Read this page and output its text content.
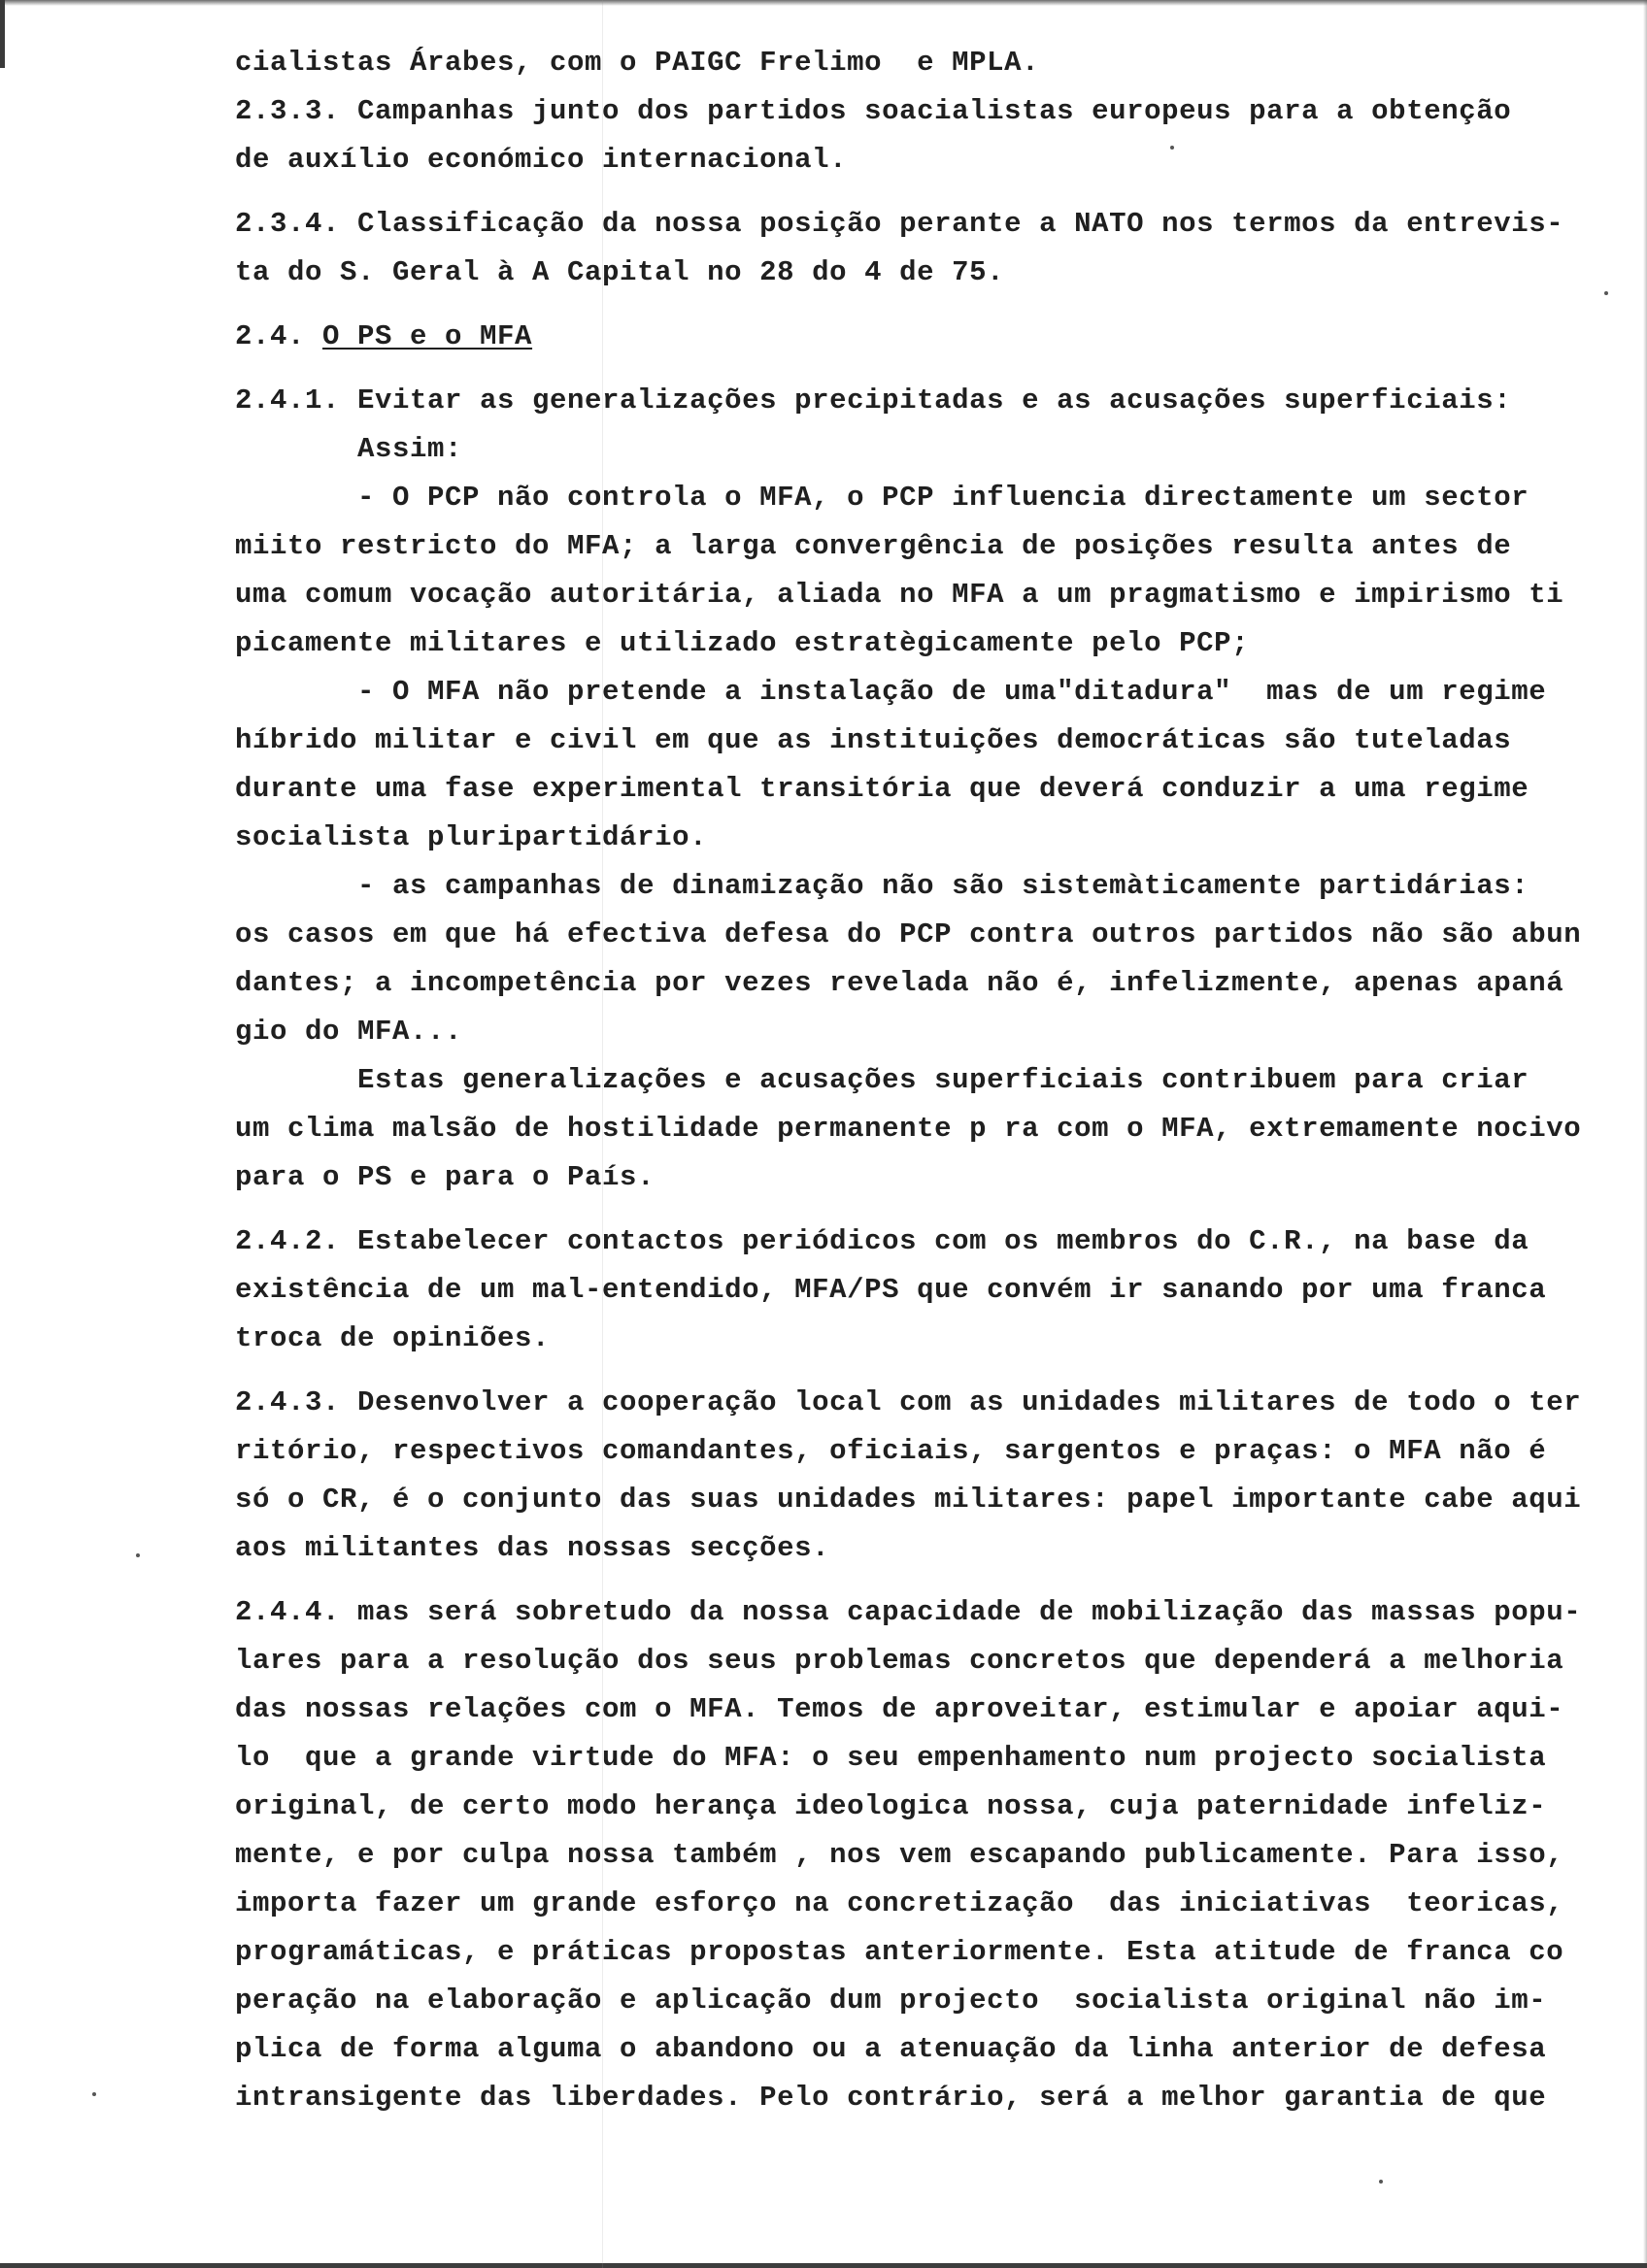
cialistas Árabes, com o PAIGC Frelimo  e MPLA.
2.3.3. Campanhas junto dos partidos soacialistas europeus para a obtenção
de auxílio económico internacional.
2.3.4. Classificação da nossa posição perante a NATO nos termos da entrevis-
ta do S. Geral à A Capital no 28 do 4 de 75.
2.4. O PS e o MFA
2.4.1. Evitar as generalizações precipitadas e as acusações superficiais:
Assim:
- O PCP não controla o MFA, o PCP influencia directamente um sector
miito restricto do MFA; a larga convergência de posições resulta antes de
uma comum vocação autoritária, aliada no MFA a um pragmatismo e impirismo ti
picamente militares e utilizado estratègicamente pelo PCP;
- O MFA não pretende a instalação de uma"ditadura"  mas de um regime
híbrido militar e civil em que as instituições democráticas são tuteladas
durante uma fase experimental transitória que deverá conduzir a uma regime
socialista pluripartidário.
- as campanhas de dinamização não são sistemàticamente partidárias:
os casos em que há efectiva defesa do PCP contra outros partidos não são abun
dantes; a incompetência por vezes revelada não é, infelizmente, apenas apaná
gio do MFA...
Estas generalizações e acusações superficiais contribuem para criar
um clima malsão de hostilidade permanente p ra com o MFA, extremamente nocivo
para o PS e para o País.
2.4.2. Estabelecer contactos periódicos com os membros do C.R., na base da
existência de um mal-entendido, MFA/PS que convém ir sanando por uma franca
troca de opiniões.
2.4.3. Desenvolver a cooperação local com as unidades militares de todo o ter
ritório, respectivos comandantes, oficiais, sargentos e praças: o MFA não é
só o CR, é o conjunto das suas unidades militares: papel importante cabe aqui
aos militantes das nossas secções.
2.4.4. mas será sobretudo da nossa capacidade de mobilização das massas popu-
lares para a resolução dos seus problemas concretos que dependerá a melhoria
das nossas relações com o MFA. Temos de aproveitar, estimular e apoiar aqui-
lo  que a grande virtude do MFA: o seu empenhamento num projecto socialista
original, de certo modo herança ideologica nossa, cuja paternidade infeliz-
mente, e por culpa nossa também , nos vem escapando publicamente. Para isso,
importa fazer um grande esforço na concretização  das iniciativas  teoricas,
programáticas, e práticas propostas anteriormente. Esta atitude de franca co
peração na elaboração e aplicação dum projecto  socialista original não im-
plica de forma alguma o abandono ou a atenuação da linha anterior de defesa
intransigente das liberdades. Pelo contrário, será a melhor garantia de que
